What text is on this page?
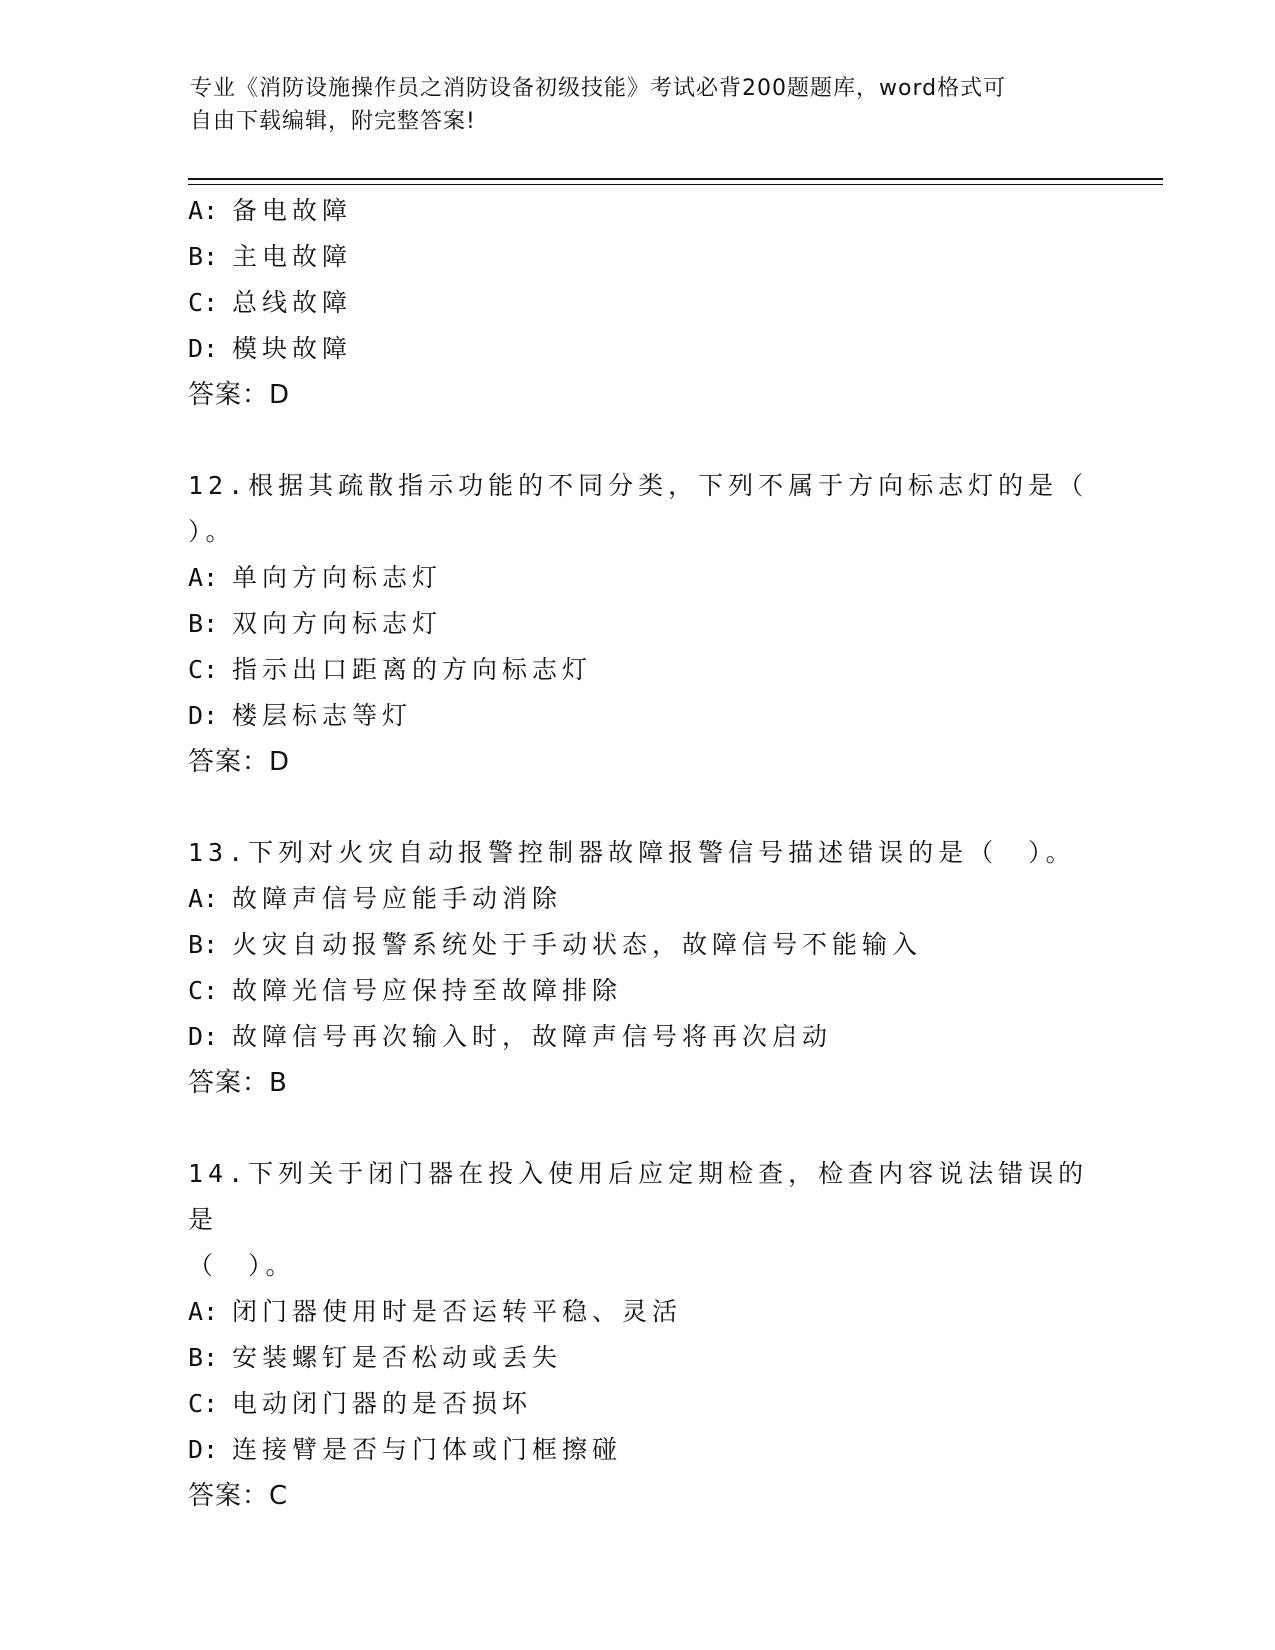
专业《消防设施操作员之消防设备初级技能》考试必背200题题库，word格式可
自由下载编辑，附完整答案!
A: 备电故障
B: 主电故障
C: 总线故障
D: 模块故障
答案：D
12.根据其疏散指示功能的不同分类，下列不属于方向标志灯的是（
）。
A: 单向方向标志灯
B: 双向方向标志灯
C: 指示出口距离的方向标志灯
D: 楼层标志等灯
答案：D
13.下列对火灾自动报警控制器故障报警信号描述错误的是（　）。
A: 故障声信号应能手动消除
B: 火灾自动报警系统处于手动状态，故障信号不能输入
C: 故障光信号应保持至故障排除
D: 故障信号再次输入时，故障声信号将再次启动
答案：B
14.下列关于闭门器在投入使用后应定期检查，检查内容说法错误的是
（　）。
A: 闭门器使用时是否运转平稳、灵活
B: 安装螺钉是否松动或丢失
C: 电动闭门器的是否损坏
D: 连接臂是否与门体或门框擦碰
答案：C
